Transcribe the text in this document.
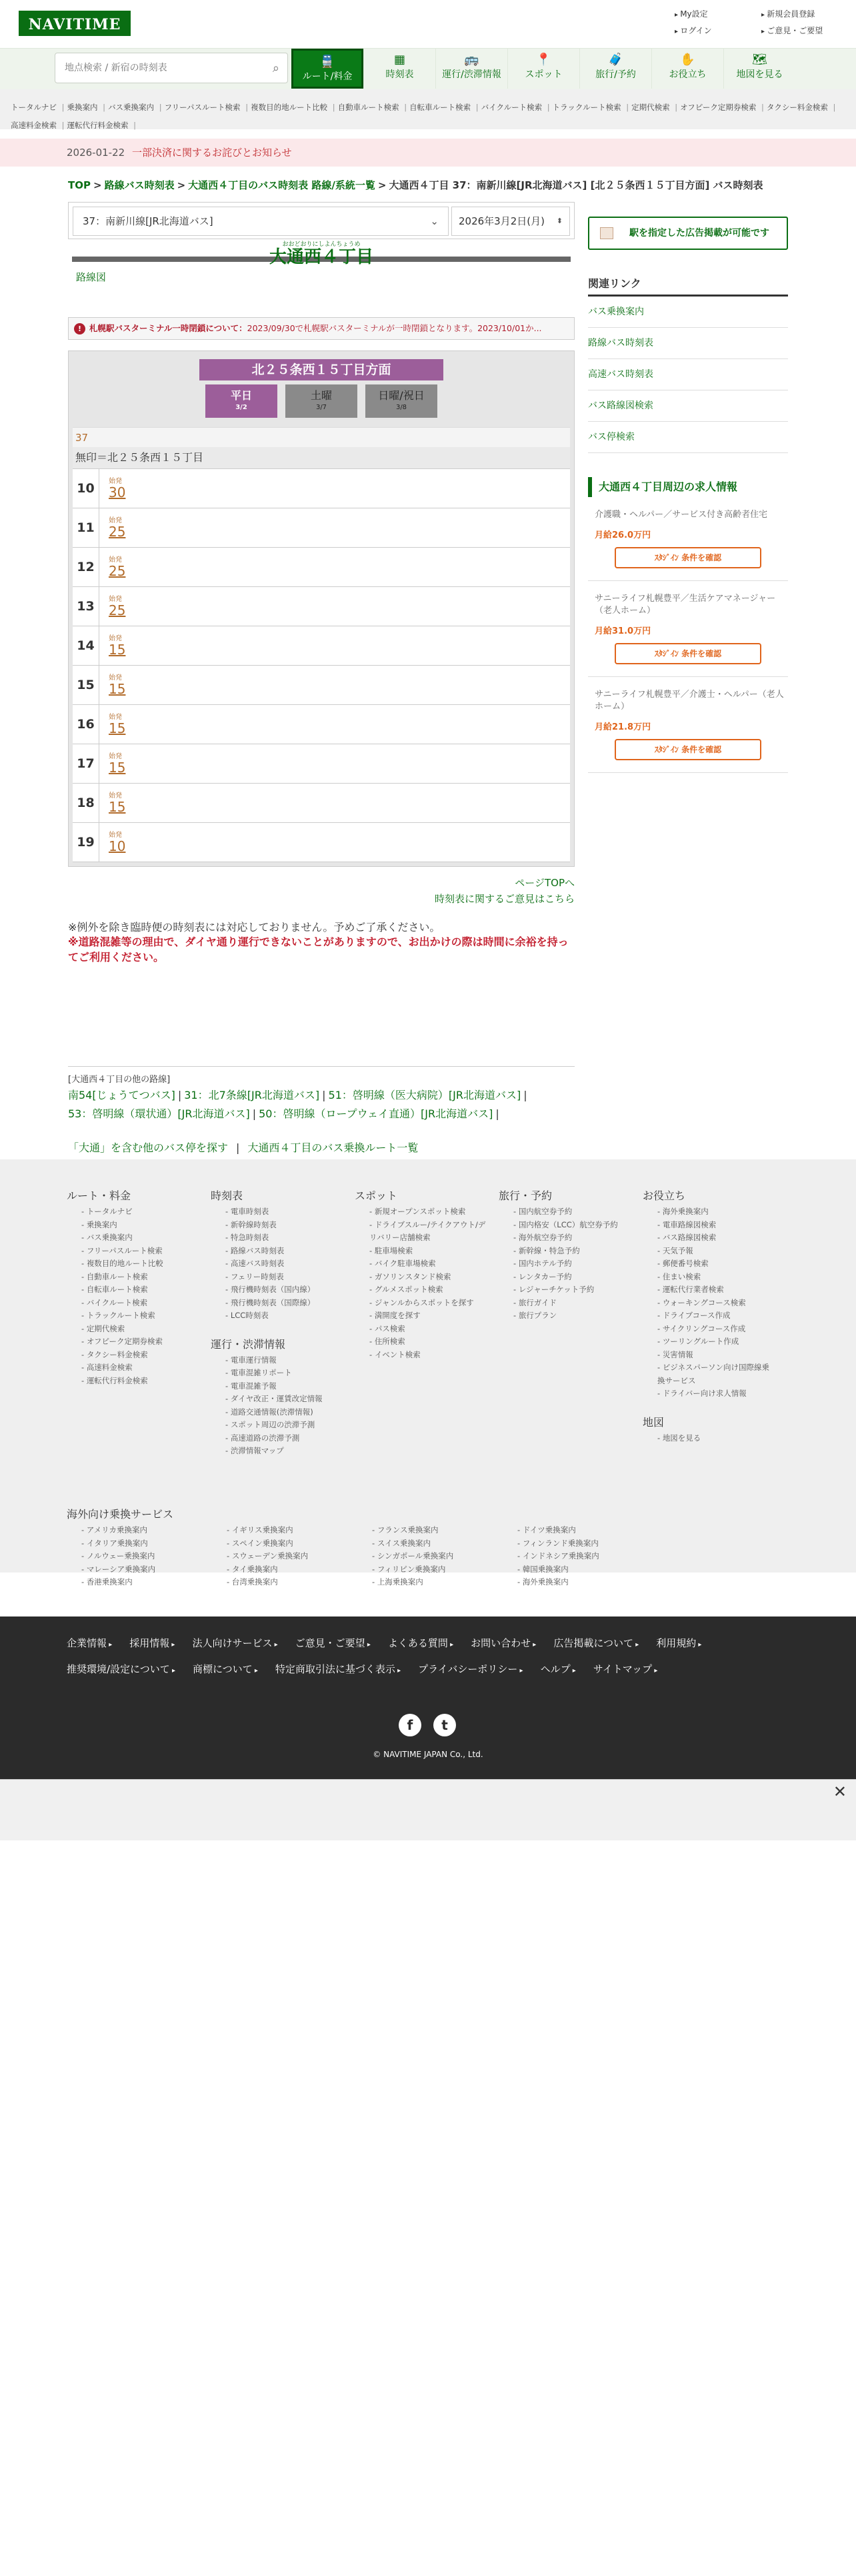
NAVITIME
▸ My設定	▸ 新規会員登録
▸ ログイン	▸ ご意見・ご要望
地点検索 / 新宿の時刻表
⌕	🚆
ルート/料金
▦
時刻表
🚌
運行/渋滞情報
📍
スポット
🧳
旅行/予約
✋
お役立ち
🗺
地図を見る
トータルナビ | 乗換案内 | バス乗換案内 | フリーパスルート検索 | 複数目的地ルート比較 | 自動車ルート検索 | 自転車ルート検索 | バイクルート検索 | トラックルート検索 | 定期代検索 | オフピーク定期券検索 | タクシー料金検索 |高速料金検索 | 運転代行料金検索 |
2026-01-22 一部決済に関するお詫びとお知らせ
TOP > 路線バス時刻表 > 大通西４丁目のバス時刻表 路線/系統一覧 > 大通西４丁目 37：南新川線[JR北海道バス] [北２５条西１５丁目方面] バス時刻表
37：南新川線[JR北海道バス]	⌄	2026年3月2日(月) ⬍
おおどおりにしよんちょうめ
大通西４丁目
路線図
! 札幌駅バスターミナル一時閉鎖について：2023/09/30で札幌駅バスターミナルが一時閉鎖となります。2023/10/01か...
北２５条西１５丁目方面
平日
3/2
土曜
3/7
日曜/祝日
3/8
37
無印＝北２５条西１５丁目
10	始発
30
11	始発
25
12	始発
25
13	始発
25
14	始発
15
15	始発
15
16	始発
15
17	始発
15
18	始発
15
19	始発
10
ページTOPへ
時刻表に関するご意見はこちら
※例外を除き臨時便の時刻表には対応しておりません。予めご了承ください。
※道路混雑等の理由で、ダイヤ通り運行できないことがありますので、お出かけの際は時間に余裕を持ってご利用ください。
[大通西４丁目の他の路線]
南54[じょうてつバス] | 31：北7条線[JR北海道バス] | 51：啓明線（医大病院）[JR北海道バス] |
53：啓明線（環状通）[JR北海道バス] | 50：啓明線（ロープウェイ直通）[JR北海道バス] |
「大通」を含む他のバス停を探す | 大通西４丁目のバス乗換ルート一覧
駅を指定した広告掲載が可能です
関連リンク
バス乗換案内
路線バス時刻表
高速バス時刻表
バス路線図検索
バス停検索
大通西４丁目周辺の求人情報
介護職・ヘルパー／サービス付き高齢者住宅
月給26.0万円
ｽﾀｼﾞｲﾝ 条件を確認
サニーライフ札幌豊平／生活ケアマネージャー（老人ホーム）
月給31.0万円
ｽﾀｼﾞｲﾝ 条件を確認
サニーライフ札幌豊平／介護士・ヘルパー（老人ホーム）
月給21.8万円
ｽﾀｼﾞｲﾝ 条件を確認
ルート・料金
- トータルナビ
- 乗換案内
- バス乗換案内
- フリーパスルート検索
- 複数目的地ルート比較
- 自動車ルート検索
- 自転車ルート検索
- バイクルート検索
- トラックルート検索
- 定期代検索
- オフピーク定期券検索
- タクシー料金検索
- 高速料金検索
- 運転代行料金検索
時刻表
- 電車時刻表
- 新幹線時刻表
- 特急時刻表
- 路線バス時刻表
- 高速バス時刻表
- フェリー時刻表
- 飛行機時刻表（国内線）
- 飛行機時刻表（国際線）
- LCC時刻表
運行・渋滞情報
- 電車運行情報
- 電車混雑リポート
- 電車混雑予報
- ダイヤ改正・運賃改定情報
- 道路交通情報(渋滞情報)
- スポット周辺の渋滞予測
- 高速道路の渋滞予測
- 渋滞情報マップ
スポット
- 新規オープンスポット検索
- ドライブスルー/テイクアウト/デリバリー店舗検索
- 駐車場検索
- バイク駐車場検索
- ガソリンスタンド検索
- グルメスポット検索
- ジャンルからスポットを探す
- 満開度を探す
- パス検索
- 住所検索
- イベント検索
旅行・予約
- 国内航空券予約
- 国内格安（LCC）航空券予約
- 海外航空券予約
- 新幹線・特急予約
- 国内ホテル予約
- レンタカー予約
- レジャーチケット予約
- 旅行ガイド
- 旅行プラン
お役立ち
- 海外乗換案内
- 電車路線図検索
- バス路線図検索
- 天気予報
- 郵便番号検索
- 住まい検索
- 運転代行業者検索
- ウォーキングコース検索
- ドライブコース作成
- サイクリングコース作成
- ツーリングルート作成
- 災害情報
- ビジネスパーソン向け国際線乗換サービス
- ドライバー向け求人情報
地図
- 地図を見る
海外向け乗換サービス
- アメリカ乗換案内	- イギリス乗換案内	- フランス乗換案内	- ドイツ乗換案内
- イタリア乗換案内	- スペイン乗換案内	- スイス乗換案内	- フィンランド乗換案内
- ノルウェー乗換案内	- スウェーデン乗換案内	- シンガポール乗換案内	- インドネシア乗換案内
- マレーシア乗換案内	- タイ乗換案内	- フィリピン乗換案内	- 韓国乗換案内
- 香港乗換案内	- 台湾乗換案内	- 上海乗換案内	- 海外乗換案内
企業情報 ▸ 採用情報 ▸ 法人向けサービス ▸ ご意見・ご要望 ▸ よくある質問 ▸ お問い合わせ ▸ 広告掲載について ▸ 利用規約 ▸推奨環境/設定について ▸ 商標について ▸ 特定商取引法に基づく表示 ▸ プライバシーポリシー ▸ ヘルプ ▸ サイトマップ ▸
f	t
© NAVITIME JAPAN Co., Ltd.
✕
